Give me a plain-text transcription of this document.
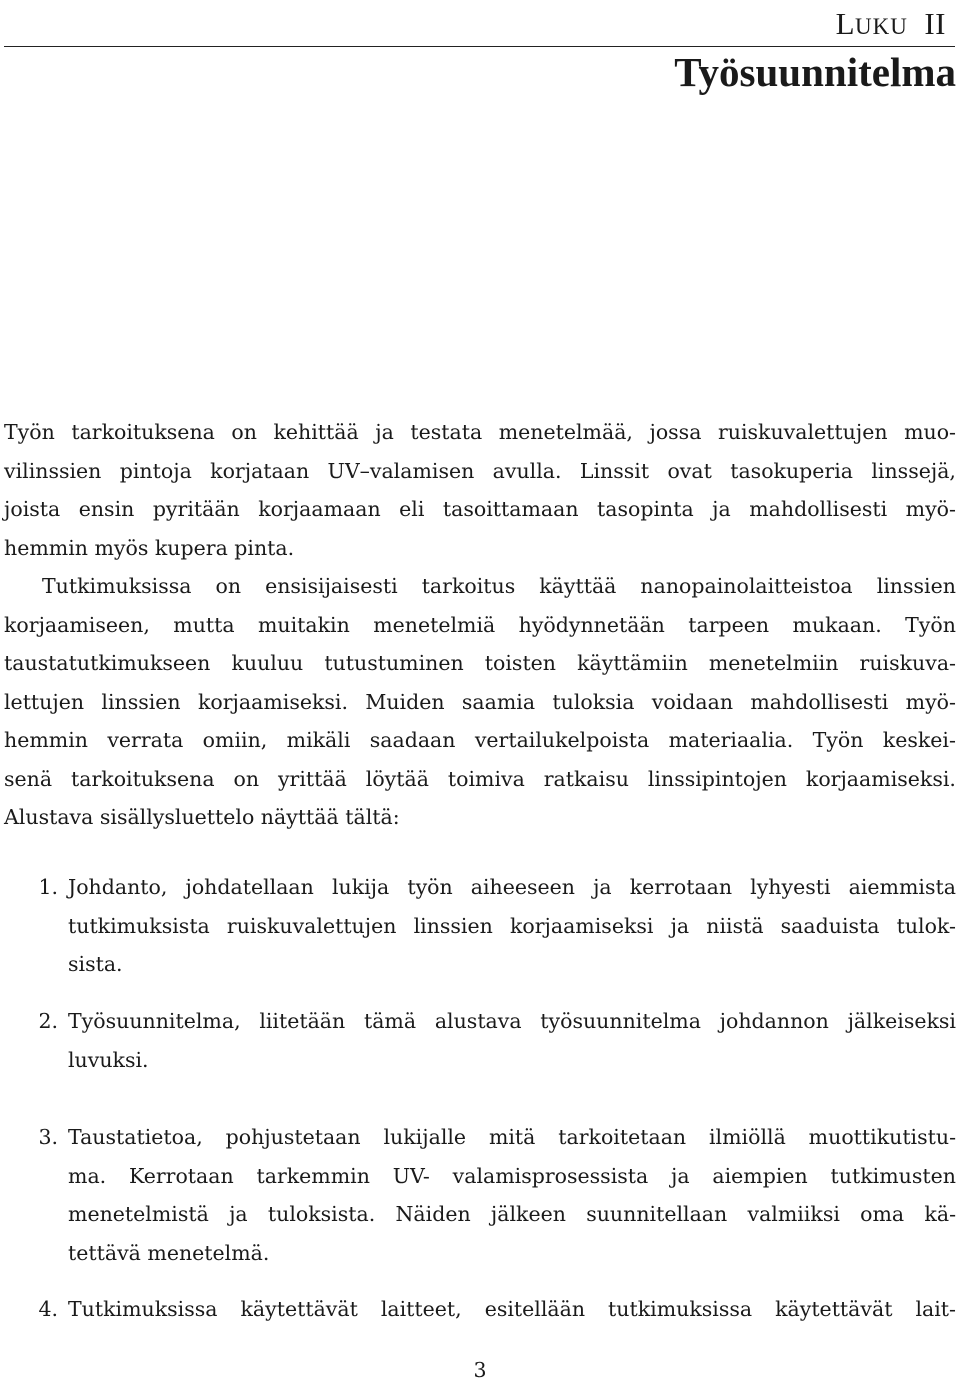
LUKU II
Työsuunnitelma
Työn tarkoituksena on kehittää ja testata menetelmää, jossa ruiskuvalettujen muo-
vilinssien pintoja korjataan UV–valamisen avulla. Linssit ovat tasokuperia linssejä,
joista ensin pyritään korjaamaan eli tasoittamaan tasopinta ja mahdollisesti myö-
hemmin myös kupera pinta.
Tutkimuksissa on ensisijaisesti tarkoitus käyttää nanopainolaitteistoa linssien
korjaamiseen, mutta muitakin menetelmiä hyödynnetään tarpeen mukaan. Työn
taustatutkimukseen kuuluu tutustuminen toisten käyttämiin menetelmiin ruiskuva-
lettujen linssien korjaamiseksi. Muiden saamia tuloksia voidaan mahdollisesti myö-
hemmin verrata omiin, mikäli saadaan vertailukelpoista materiaalia. Työn keskei-
senä tarkoituksena on yrittää löytää toimiva ratkaisu linssipintojen korjaamiseksi.
Alustava sisällysluettelo näyttää tältä:
1. Johdanto, johdatellaan lukija työn aiheeseen ja kerrotaan lyhyesti aiemmista
tutkimuksista ruiskuvalettujen linssien korjaamiseksi ja niistä saaduista tulok-
sista.
2. Työsuunnitelma, liitetään tämä alustava työsuunnitelma johdannon jälkeiseksi
luvuksi.
3. Taustatietoa, pohjustetaan lukijalle mitä tarkoitetaan ilmiöllä muottikutistu-
ma. Kerrotaan tarkemmin UV- valamisprosessista ja aiempien tutkimusten
menetelmistä ja tuloksista. Näiden jälkeen suunnitellaan valmiiksi oma kä-
tettävä menetelmä.
4. Tutkimuksissa käytettävät laitteet, esitellään tutkimuksissa käytettävät lait-
3
